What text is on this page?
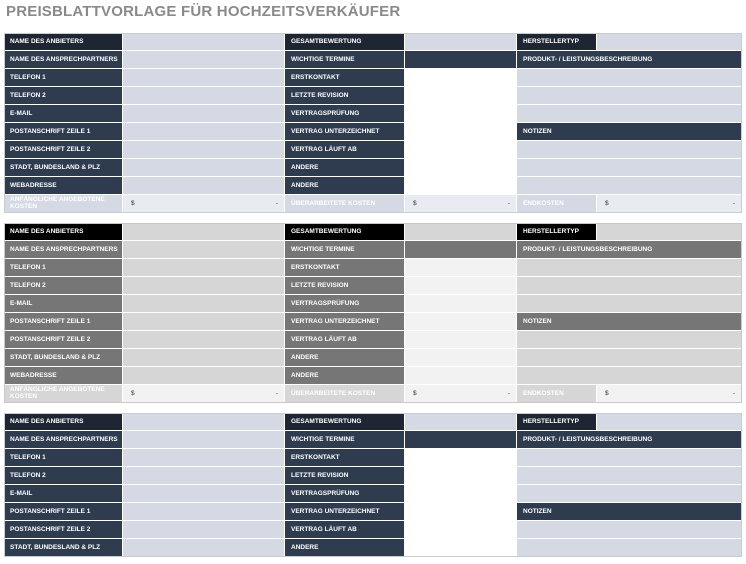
PREISBLATTVORLAGE FÜR HOCHZEITSVERKÄUFER
NAME DES ANBIETERS	GESAMTBEWERTUNG	HERSTELLERTYP
NAME DES ANSPRECHPARTNERS	WICHTIGE TERMINE	PRODUKT- / LEISTUNGSBESCHREIBUNG
TELEFON 1	ERSTKONTAKT
TELEFON 2	LETZTE REVISION
E-MAIL	VERTRAGSPRÜFUNG
POSTANSCHRIFT ZEILE 1	VERTRAG UNTERZEICHNET	NOTIZEN
POSTANSCHRIFT ZEILE 2	VERTRAG LÄUFT AB
STADT, BUNDESLAND & PLZ	ANDERE
WEBADRESSE	ANDERE
ANFÄNGLICHE ANGEBOTENE KOSTEN	$	-	ÜBERARBEITETE KOSTEN	$	-	ENDKOSTEN	$	-
NAME DES ANBIETERS	GESAMTBEWERTUNG	HERSTELLERTYP
NAME DES ANSPRECHPARTNERS	WICHTIGE TERMINE	PRODUKT- / LEISTUNGSBESCHREIBUNG
TELEFON 1	ERSTKONTAKT
TELEFON 2	LETZTE REVISION
E-MAIL	VERTRAGSPRÜFUNG
POSTANSCHRIFT ZEILE 1	VERTRAG UNTERZEICHNET	NOTIZEN
POSTANSCHRIFT ZEILE 2	VERTRAG LÄUFT AB
STADT, BUNDESLAND & PLZ	ANDERE
WEBADRESSE	ANDERE
ANFÄNGLICHE ANGEBOTENE KOSTEN	$	-	ÜBERARBEITETE KOSTEN	$	-	ENDKOSTEN	$	-
NAME DES ANBIETERS	GESAMTBEWERTUNG	HERSTELLERTYP
NAME DES ANSPRECHPARTNERS	WICHTIGE TERMINE	PRODUKT- / LEISTUNGSBESCHREIBUNG
TELEFON 1	ERSTKONTAKT
TELEFON 2	LETZTE REVISION
E-MAIL	VERTRAGSPRÜFUNG
POSTANSCHRIFT ZEILE 1	VERTRAG UNTERZEICHNET	NOTIZEN
POSTANSCHRIFT ZEILE 2	VERTRAG LÄUFT AB
STADT, BUNDESLAND & PLZ	ANDERE
